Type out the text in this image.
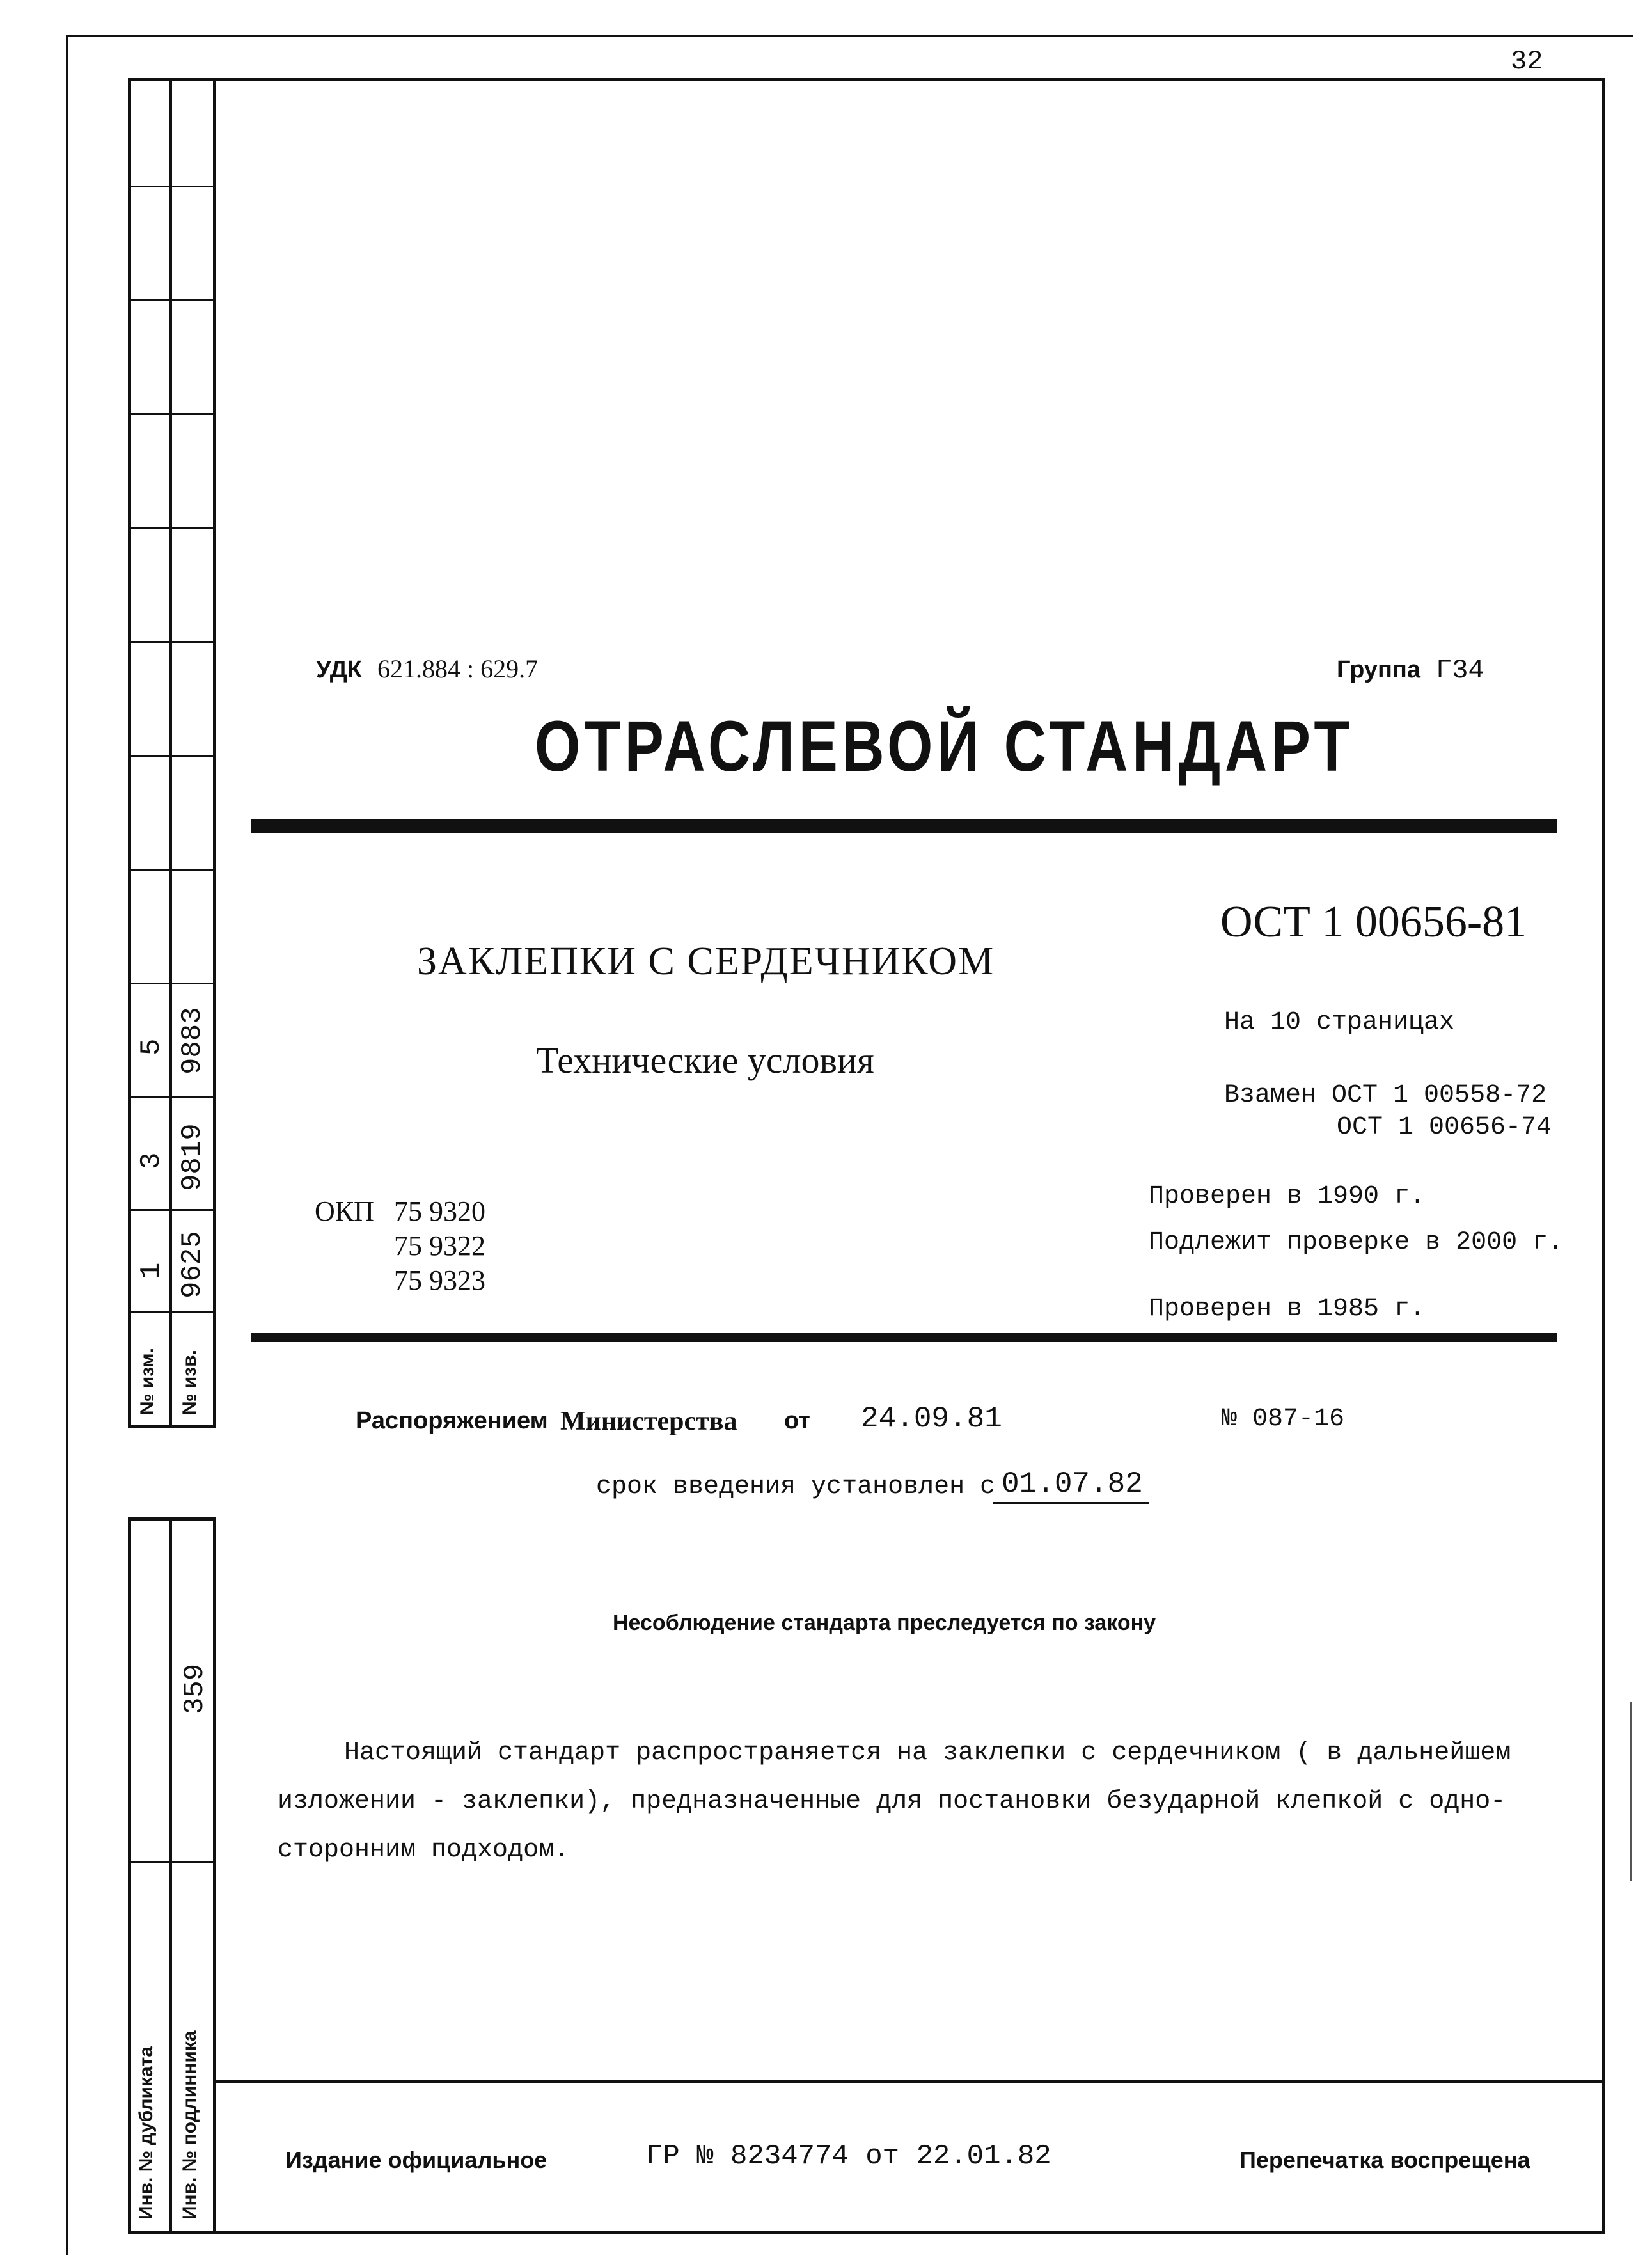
5 9883
3 9819
1 9625
№ изм. № изв.
359
Инв. № дубликата Инв. № подлинника
32
УДК 621.884 : 629.7	Группа Г34
ОТРАСЛЕВОЙ СТАНДАРТ
ОСТ 1 00656-81
ЗАКЛЕПКИ С СЕРДЕЧНИКОМ
На 10 страницах
Технические условия
Взамен ОСТ 1 00558-72
ОСТ 1 00656-74
ОКП 75 9320
75 9322
75 9323
Проверен в 1990 г.
Подлежит проверке в 2000 г.
Проверен в 1985 г.
Распоряжением Министерства от 24.09.81	№ 087-16
срок введения установлен с 01.07.82
Несоблюдение стандарта преследуется по закону
Настоящий стандарт распространяется на заклепки с сердечником ( в дальнейшем
изложении - заклепки), предназначенные для постановки безударной клепкой с одно-
сторонним подходом.
Издание официальное	ГР № 8234774 от 22.01.82	Перепечатка воспрещена
